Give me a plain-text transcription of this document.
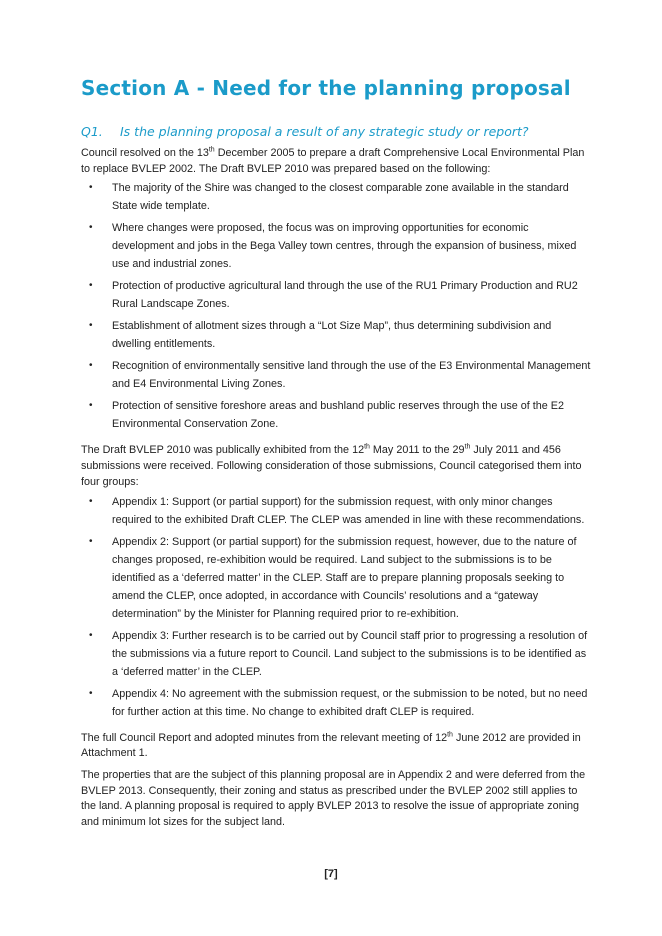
Section A - Need for the planning proposal
Q1. Is the planning proposal a result of any strategic study or report?

Council resolved on the 13th December 2005 to prepare a draft Comprehensive Local Environmental Plan to replace BVLEP 2002. The Draft BVLEP 2010 was prepared based on the following:

• The majority of the Shire was changed to the closest comparable zone available in the standard State wide template.
• Where changes were proposed, the focus was on improving opportunities for economic development and jobs in the Bega Valley town centres, through the expansion of business, mixed use and industrial zones.
• Protection of productive agricultural land through the use of the RU1 Primary Production and RU2 Rural Landscape Zones.
• Establishment of allotment sizes through a “Lot Size Map”, thus determining subdivision and dwelling entitlements.
• Recognition of environmentally sensitive land through the use of the E3 Environmental Management and E4 Environmental Living Zones.
• Protection of sensitive foreshore areas and bushland public reserves through the use of the E2 Environmental Conservation Zone.

The Draft BVLEP 2010 was publically exhibited from the 12th May 2011 to the 29th July 2011 and 456 submissions were received. Following consideration of those submissions, Council categorised them into four groups:

• Appendix 1: Support (or partial support) for the submission request, with only minor changes required to the exhibited Draft CLEP. The CLEP was amended in line with these recommendations.
• Appendix 2: Support (or partial support) for the submission request, however, due to the nature of changes proposed, re-exhibition would be required. Land subject to the submissions is to be identified as a ‘deferred matter’ in the CLEP. Staff are to prepare planning proposals seeking to amend the CLEP, once adopted, in accordance with Councils’ resolutions and a “gateway determination” by the Minister for Planning required prior to re-exhibition.
• Appendix 3: Further research is to be carried out by Council staff prior to progressing a resolution of the submissions via a future report to Council. Land subject to the submissions is to be identified as a ‘deferred matter’ in the CLEP.
• Appendix 4: No agreement with the submission request, or the submission to be noted, but no need for further action at this time. No change to exhibited draft CLEP is required.

The full Council Report and adopted minutes from the relevant meeting of 12th June 2012 are provided in Attachment 1.

The properties that are the subject of this planning proposal are in Appendix 2 and were deferred from the BVLEP 2013. Consequently, their zoning and status as prescribed under the BVLEP 2002 still applies to the land. A planning proposal is required to apply BVLEP 2013 to resolve the issue of appropriate zoning and minimum lot sizes for the subject land.

[7]
